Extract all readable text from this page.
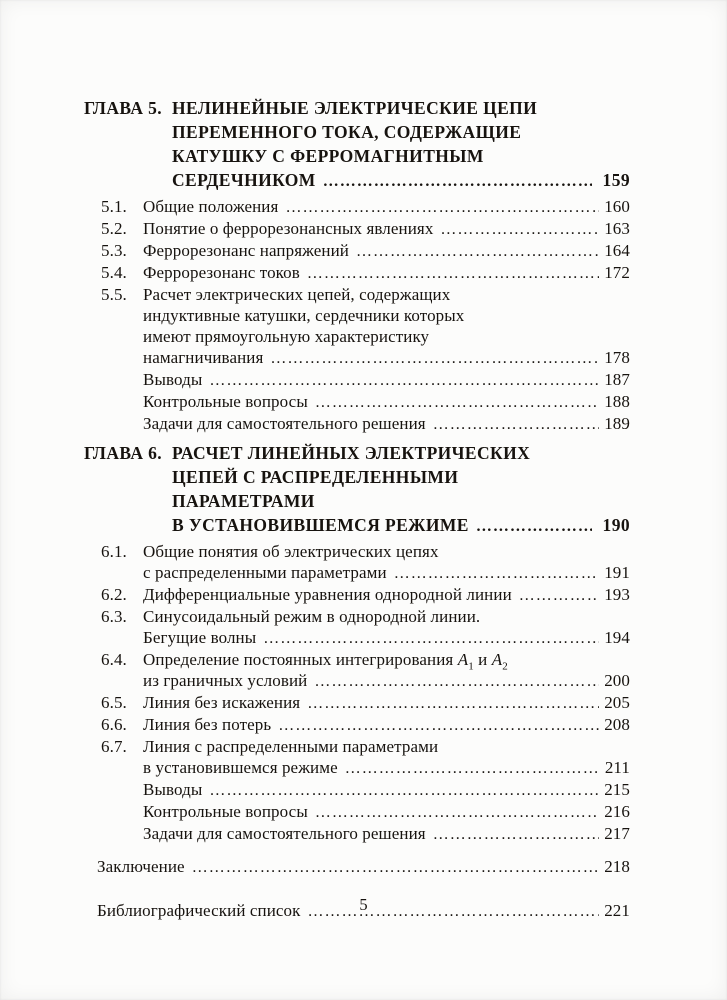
ГЛАВА 5. НЕЛИНЕЙНЫЕ ЭЛЕКТРИЧЕСКИЕ ЦЕПИ
ПЕРЕМЕННОГО ТОКА, СОДЕРЖАЩИЕ
КАТУШКУ С ФЕРРОМАГНИТНЫМ
СЕРДЕЧНИКОМ ………………………………………………………………………………………………………………………………	159
5.1. Общие положения ………………………………………………………………………………………………………………………………	160
5.2. Понятие о феррорезонансных явлениях ………………………………………………………………………………………………………………………………	163
5.3. Феррорезонанс напряжений ………………………………………………………………………………………………………………………………	164
5.4. Феррорезонанс токов ………………………………………………………………………………………………………………………………	172
5.5. Расчет электрических цепей, содержащих
индуктивные катушки, сердечники которых
имеют прямоугольную характеристику
намагничивания ………………………………………………………………………………………………………………………………	178
Выводы ………………………………………………………………………………………………………………………………	187
Контрольные вопросы ………………………………………………………………………………………………………………………………	188
Задачи для самостоятельного решения ………………………………………………………………………………………………………………………………	189
ГЛАВА 6. РАСЧЕТ ЛИНЕЙНЫХ ЭЛЕКТРИЧЕСКИХ
ЦЕПЕЙ С РАСПРЕДЕЛЕННЫМИ
ПАРАМЕТРАМИ
В УСТАНОВИВШЕМСЯ РЕЖИМЕ ………………………………………………………………………………………………………………………………	190
6.1. Общие понятия об электрических цепях
с распределенными параметрами ………………………………………………………………………………………………………………………………	191
6.2. Дифференциальные уравнения однородной линии ………………………………………………………………………………………………………………………………	193
6.3. Синусоидальный режим в однородной линии.
Бегущие волны ………………………………………………………………………………………………………………………………	194
6.4. Определение постоянных интегрирования $A_1$ и $A_2$
из граничных условий ………………………………………………………………………………………………………………………………	200
6.5. Линия без искажения ………………………………………………………………………………………………………………………………	205
6.6. Линия без потерь ………………………………………………………………………………………………………………………………	208
6.7. Линия с распределенными параметрами
в установившемся режиме ………………………………………………………………………………………………………………………………	211
Выводы ………………………………………………………………………………………………………………………………	215
Контрольные вопросы ………………………………………………………………………………………………………………………………	216
Задачи для самостоятельного решения ………………………………………………………………………………………………………………………………	217
Заключение ………………………………………………………………………………………………………………………………	218
Библиографический список ………………………………………………………………………………………………………………………………	221
5
